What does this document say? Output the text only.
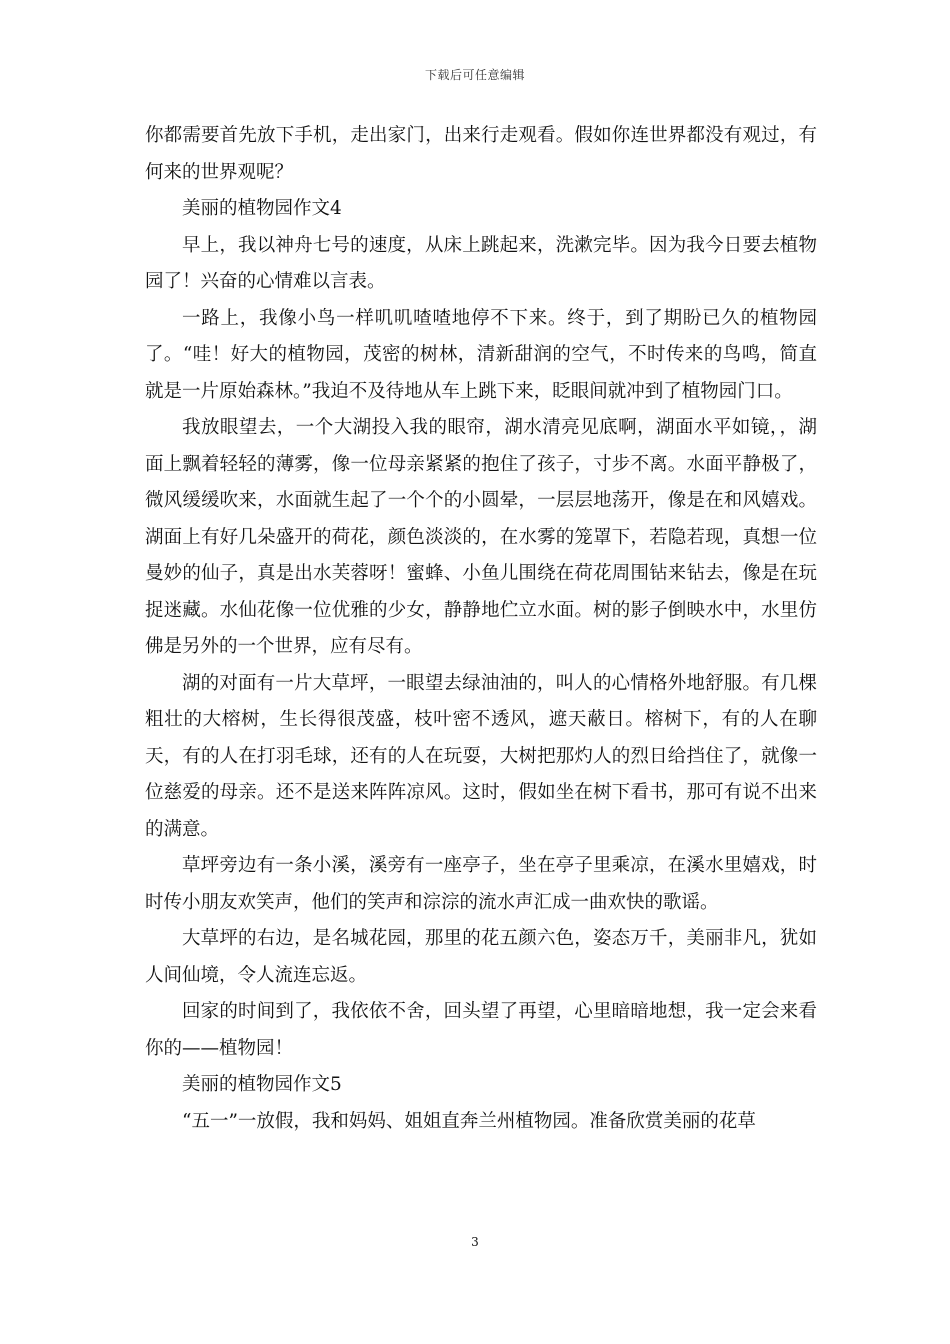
下载后可任意编辑

你都需要首先放下手机，走出家门，出来行走观看。假如你连世界都没有观过，有何来的世界观呢？

美丽的植物园作文4

早上，我以神舟七号的速度，从床上跳起来，洗漱完毕。因为我今日要去植物园了！兴奋的心情难以言表。

一路上，我像小鸟一样叽叽喳喳地停不下来。终于，到了期盼已久的植物园了。“哇！好大的植物园，茂密的树林，清新甜润的空气，不时传来的鸟鸣，简直就是一片原始森林。”我迫不及待地从车上跳下来，眨眼间就冲到了植物园门口。

我放眼望去，一个大湖投入我的眼帘，湖水清亮见底啊，湖面水平如镜，，湖面上飘着轻轻的薄雾，像一位母亲紧紧的抱住了孩子，寸步不离。水面平静极了，微风缓缓吹来，水面就生起了一个个的小圆晕，一层层地荡开，像是在和风嬉戏。湖面上有好几朵盛开的荷花，颜色淡淡的，在水雾的笼罩下，若隐若现，真想一位曼妙的仙子，真是出水芙蓉呀！蜜蜂、小鱼儿围绕在荷花周围钻来钻去，像是在玩捉迷藏。水仙花像一位优雅的少女，静静地伫立水面。树的影子倒映水中，水里仿佛是另外的一个世界，应有尽有。

湖的对面有一片大草坪，一眼望去绿油油的，叫人的心情格外地舒服。有几棵粗壮的大榕树，生长得很茂盛，枝叶密不透风，遮天蔽日。榕树下，有的人在聊天，有的人在打羽毛球，还有的人在玩耍，大树把那灼人的烈日给挡住了，就像一位慈爱的母亲。还不是送来阵阵凉风。这时，假如坐在树下看书，那可有说不出来的满意。

草坪旁边有一条小溪，溪旁有一座亭子，坐在亭子里乘凉，在溪水里嬉戏，时时传小朋友欢笑声，他们的笑声和淙淙的流水声汇成一曲欢快的歌谣。

大草坪的右边，是名城花园，那里的花五颜六色，姿态万千，美丽非凡，犹如人间仙境，令人流连忘返。

回家的时间到了，我依依不舍，回头望了再望，心里暗暗地想，我一定会来看你的——植物园！

美丽的植物园作文5

“五一”一放假，我和妈妈、姐姐直奔兰州植物园。准备欣赏美丽的花草

3
